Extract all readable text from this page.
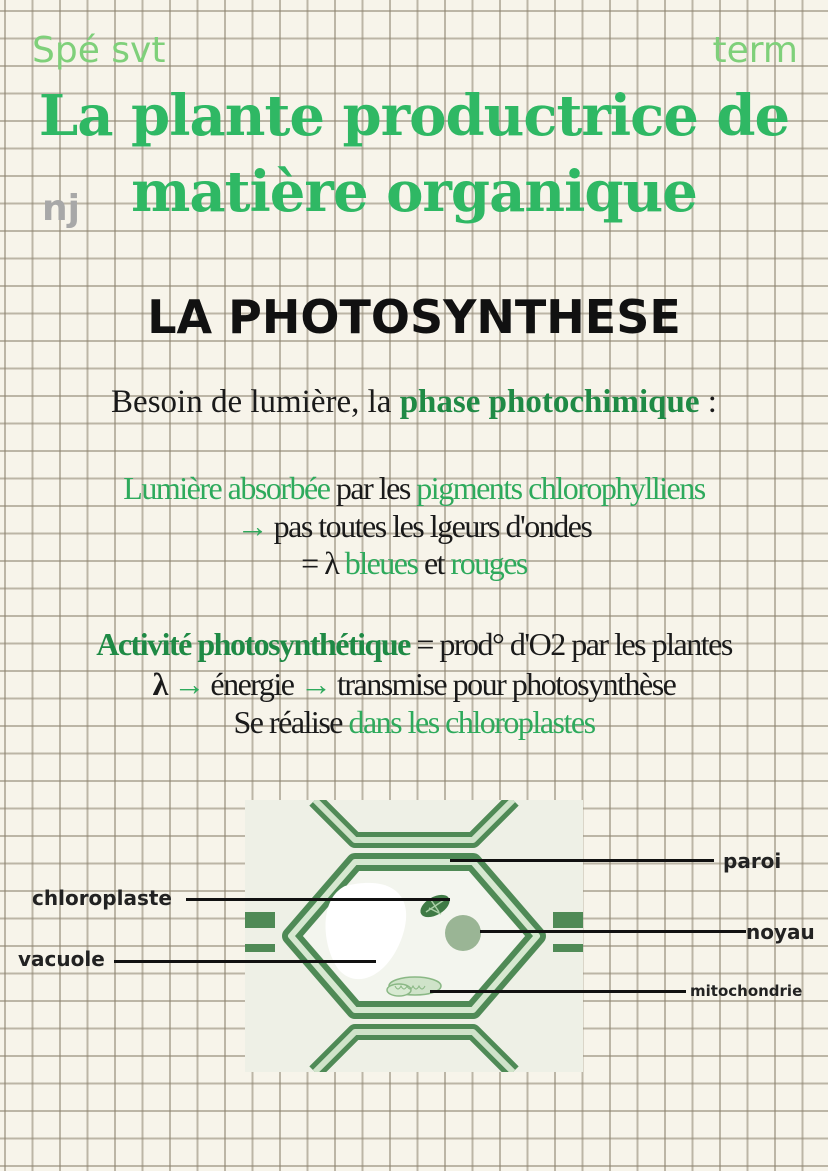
Spé svt	term
La plante productrice de
matière organique
nj
LA PHOTOSYNTHESE
Besoin de lumière, la phase photochimique :
Lumière absorbée par les pigments chlorophylliens
→ pas toutes les lgeurs d'ondes
= λ bleues et rouges
Activité photosynthétique = prod° d'O2 par les plantes
λ → énergie → transmise pour photosynthèse
Se réalise dans les chloroplastes
chloroplaste
vacuole
paroi
noyau
mitochondrie
